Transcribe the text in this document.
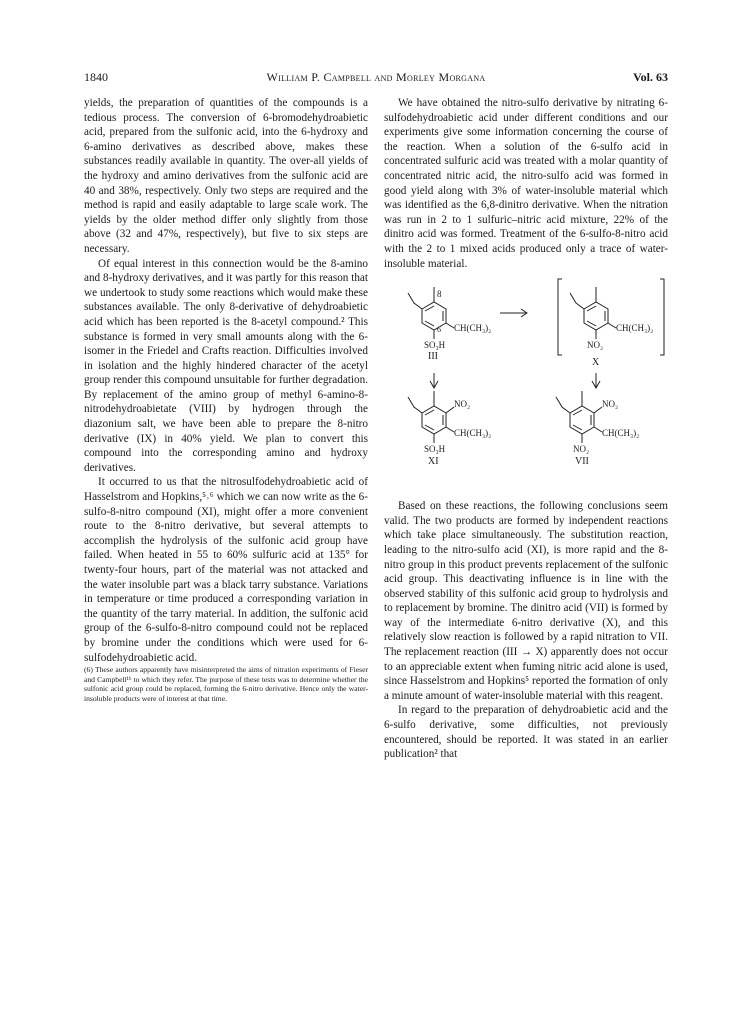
1840	William P. Campbell and Morley Morgana	Vol. 63

yields, the preparation of quantities of the compounds is a tedious process. The conversion of 6-bromodehydroabietic acid, prepared from the sulfonic acid, into the 6-hydroxy and 6-amino derivatives as described above, makes these substances readily available in quantity. The over-all yields of the hydroxy and amino derivatives from the sulfonic acid are 40 and 38%, respectively. Only two steps are required and the method is rapid and easily adaptable to large scale work. The yields by the older method differ only slightly from those above (32 and 47%, respectively), but five to six steps are necessary.

Of equal interest in this connection would be the 8-amino and 8-hydroxy derivatives, and it was partly for this reason that we undertook to study some reactions which would make these substances available. The only 8-derivative of dehydroabietic acid which has been reported is the 8-acetyl compound.² This substance is formed in very small amounts along with the 6-isomer in the Friedel and Crafts reaction. Difficulties involved in isolation and the highly hindered character of the acetyl group render this compound unsuitable for further degradation. By replacement of the amino group of methyl 6-amino-8-nitrodehydroabietate (VIII) by hydrogen through the diazonium salt, we have been able to prepare the 8-nitro derivative (IX) in 40% yield. We plan to convert this compound into the corresponding amino and hydroxy derivatives.

It occurred to us that the nitrosulfodehydroabietic acid of Hasselstrom and Hopkins,⁵˒⁶ which we can now write as the 6-sulfo-8-nitro compound (XI), might offer a more convenient route to the 8-nitro derivative, but several attempts to accomplish the hydrolysis of the sulfonic acid group have failed. When heated in 55 to 60% sulfuric acid at 135° for twenty-four hours, part of the material was not attacked and the water insoluble part was a black tarry substance. Variations in temperature or time produced a corresponding variation in the quantity of the tarry material. In addition, the sulfonic acid group of the 6-sulfo-8-nitro compound could not be replaced by bromine under the conditions which were used for 6-sulfodehydroabietic acid.

(6) These authors apparently have misinterpreted the aims of nitration experiments of Fieser and Campbell¹ᵇ to which they refer. The purpose of these tests was to determine whether the sulfonic acid group could be replaced, forming the 6-nitro derivative. Hence only the water-insoluble products were of interest at that time.

We have obtained the nitro-sulfo derivative by nitrating 6-sulfodehydroabietic acid under different conditions and our experiments give some information concerning the course of the reaction. When a solution of the 6-sulfo acid in concentrated sulfuric acid was treated with a molar quantity of concentrated nitric acid, the nitro-sulfo acid was formed in good yield along with 3% of water-insoluble material which was identified as the 6,8-dinitro derivative. When the nitration was run in 2 to 1 sulfuric–nitric acid mixture, 22% of the dinitro acid was formed. Treatment of the 6-sulfo-8-nitro acid with the 2 to 1 mixed acids produced only a trace of water-insoluble material.

8
6 CH(CH₃)₂
SO₃H
III
CH(CH₃)₂
NO₂
X
NO₂
CH(CH₃)₂
SO₃H
XI
NO₂
CH(CH₃)₂
NO₂
VII

Based on these reactions, the following conclusions seem valid. The two products are formed by independent reactions which take place simultaneously. The substitution reaction, leading to the nitro-sulfo acid (XI), is more rapid and the 8-nitro group in this product prevents replacement of the sulfonic acid group. This deactivating influence is in line with the observed stability of this sulfonic acid group to hydrolysis and to replacement by bromine. The dinitro acid (VII) is formed by way of the intermediate 6-nitro derivative (X), and this relatively slow reaction is followed by a rapid nitration to VII. The replacement reaction (III → X) apparently does not occur to an appreciable extent when fuming nitric acid alone is used, since Hasselstrom and Hopkins⁵ reported the formation of only a minute amount of water-insoluble material with this reagent.

In regard to the preparation of dehydroabietic acid and the 6-sulfo derivative, some difficulties, not previously encountered, should be reported. It was stated in an earlier publication² that
